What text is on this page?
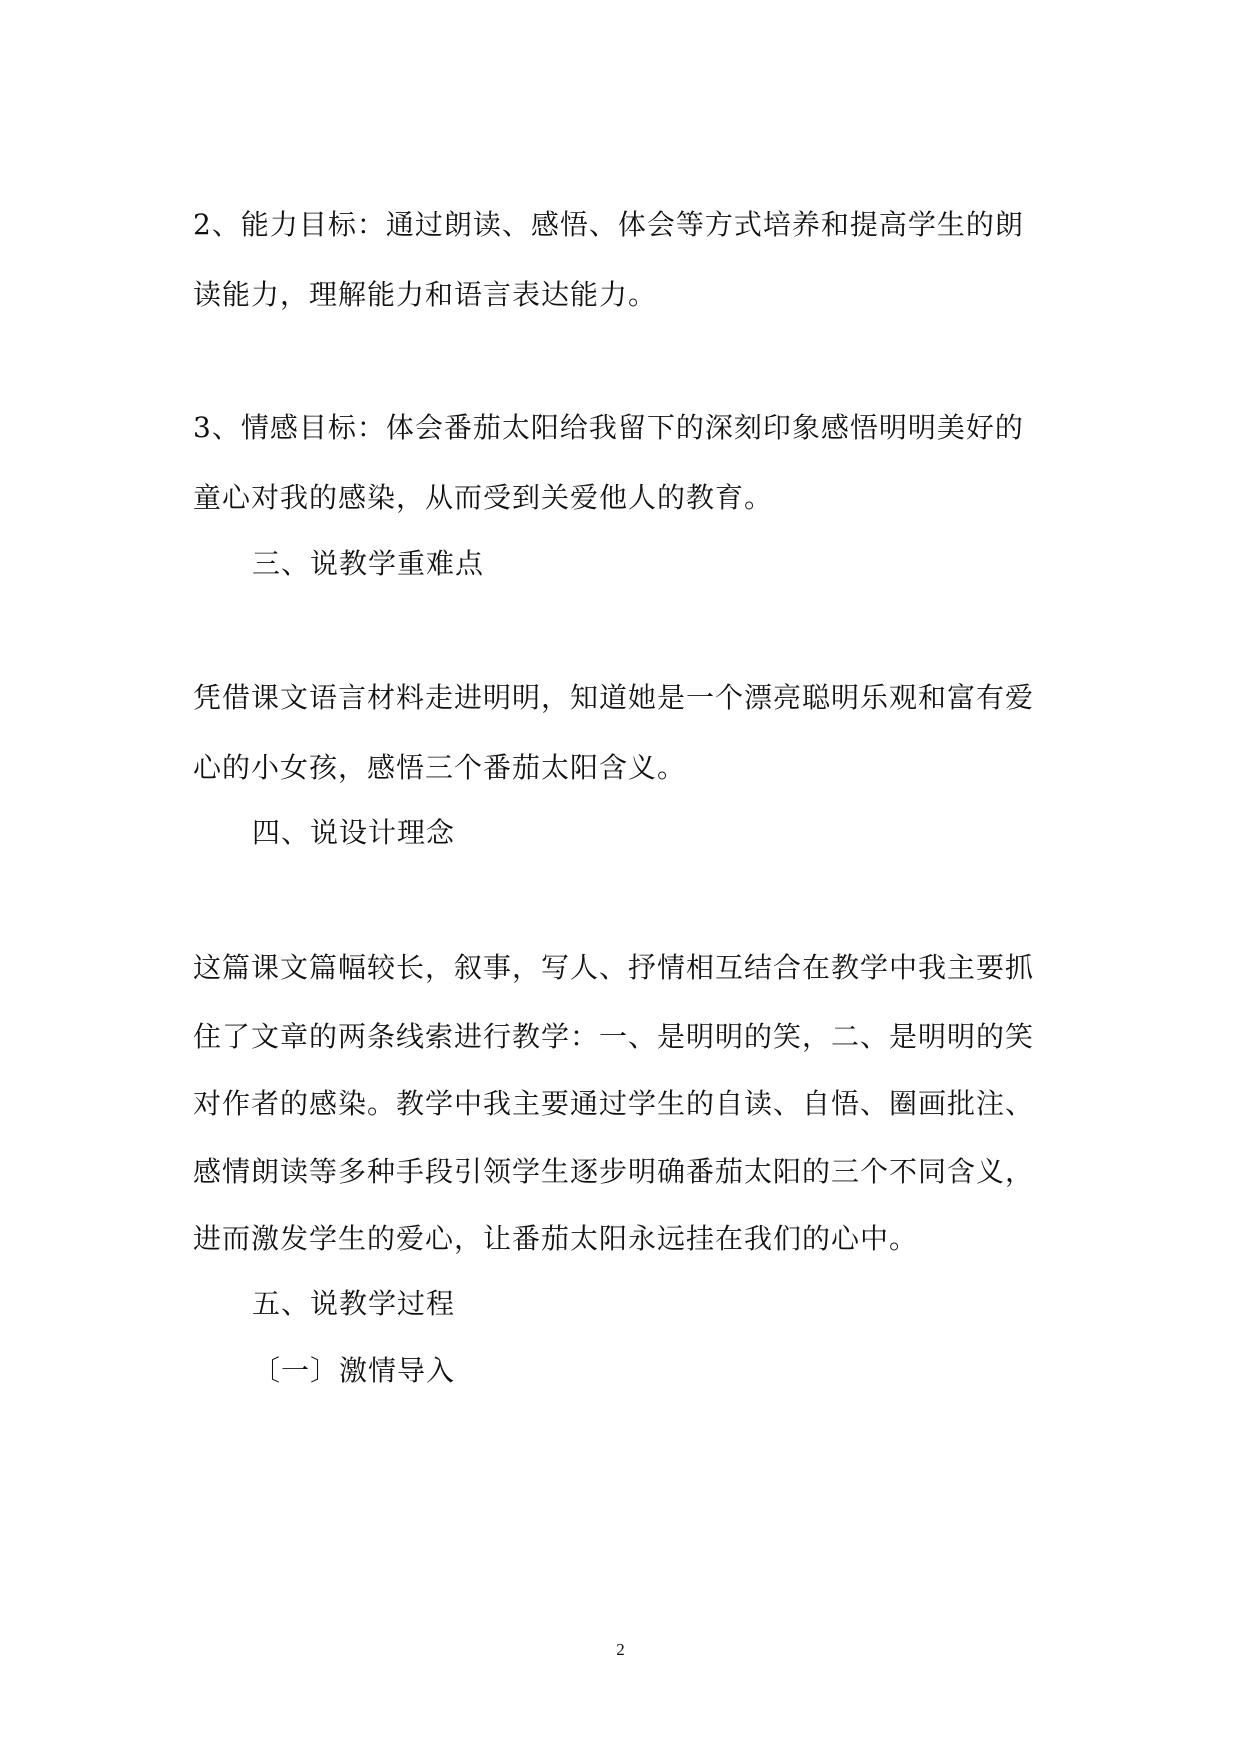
2、能力目标：通过朗读、感悟、体会等方式培养和提高学生的朗
读能力，理解能力和语言表达能力。
3、情感目标：体会番茄太阳给我留下的深刻印象感悟明明美好的
童心对我的感染，从而受到关爱他人的教育。
三、说教学重难点
凭借课文语言材料走进明明，知道她是一个漂亮聪明乐观和富有爱
心的小女孩，感悟三个番茄太阳含义。
四、说设计理念
这篇课文篇幅较长，叙事，写人、抒情相互结合在教学中我主要抓
住了文章的两条线索进行教学：一、是明明的笑，二、是明明的笑
对作者的感染。教学中我主要通过学生的自读、自悟、圈画批注、
感情朗读等多种手段引领学生逐步明确番茄太阳的三个不同含义，
进而激发学生的爱心，让番茄太阳永远挂在我们的心中。
五、说教学过程
〔一〕激情导入
2
